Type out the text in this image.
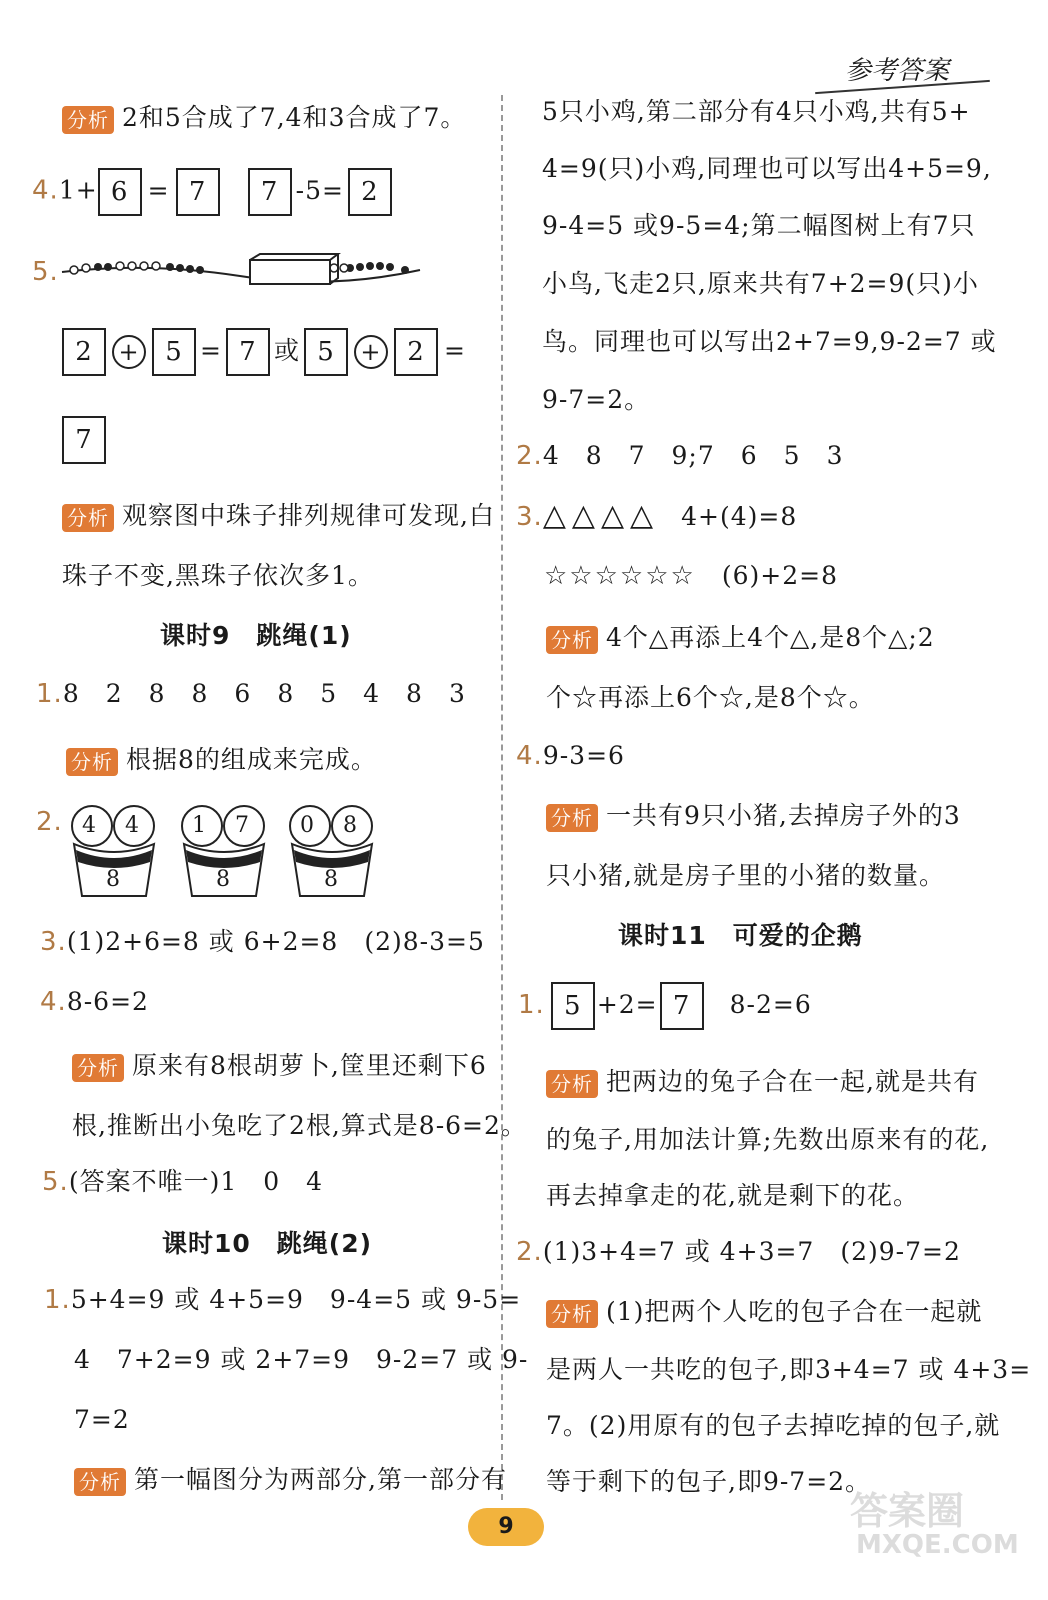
参考答案
分析 2和5合成了7,4和3合成了7。
4.1+ 6 = 7 7 -5= 2
5.
2 + 5 = 7 或 5 + 2 =
7
分析 观察图中珠子排列规律可发现,白
珠子不变,黑珠子依次多1。
课时9　跳绳(1)
1.8　2　8　8　6　8　5　4　8　3
分析 根据8的组成来完成。
2. 4 4
8
1 7
8
0 8
8
3.(1)2+6=8 或 6+2=8　(2)8-3=5
4.8-6=2
分析 原来有8根胡萝卜,筐里还剩下6
根,推断出小兔吃了2根,算式是8-6=2。
5.(答案不唯一)1　0　4
课时10　跳绳(2)
1.5+4=9 或 4+5=9　9-4=5 或 9-5=
4　7+2=9 或 2+7=9　9-2=7 或 9-
7=2
分析 第一幅图分为两部分,第一部分有
5只小鸡,第二部分有4只小鸡,共有5+
4=9(只)小鸡,同理也可以写出4+5=9,
9-4=5 或9-5=4;第二幅图树上有7只
小鸟,飞走2只,原来共有7+2=9(只)小
鸟。同理也可以写出2+7=9,9-2=7 或
9-7=2。
2.4　8　7　9;7　6　5　3
3.△△△△ 4+(4)=8
☆☆☆☆☆☆ (6)+2=8
分析 4个△再添上4个△,是8个△;2
个☆再添上6个☆,是8个☆。
4.9-3=6
分析 一共有9只小猪,去掉房子外的3
只小猪,就是房子里的小猪的数量。
课时11　可爱的企鹅
1. 5 +2= 7 8-2=6
分析 把两边的兔子合在一起,就是共有
的兔子,用加法计算;先数出原来有的花,
再去掉拿走的花,就是剩下的花。
2.(1)3+4=7 或 4+3=7　(2)9-7=2
分析 (1)把两个人吃的包子合在一起就
是两人一共吃的包子,即3+4=7 或 4+3=
7。(2)用原有的包子去掉吃掉的包子,就
等于剩下的包子,即9-7=2。
9	答案圈
MXQE.COM
